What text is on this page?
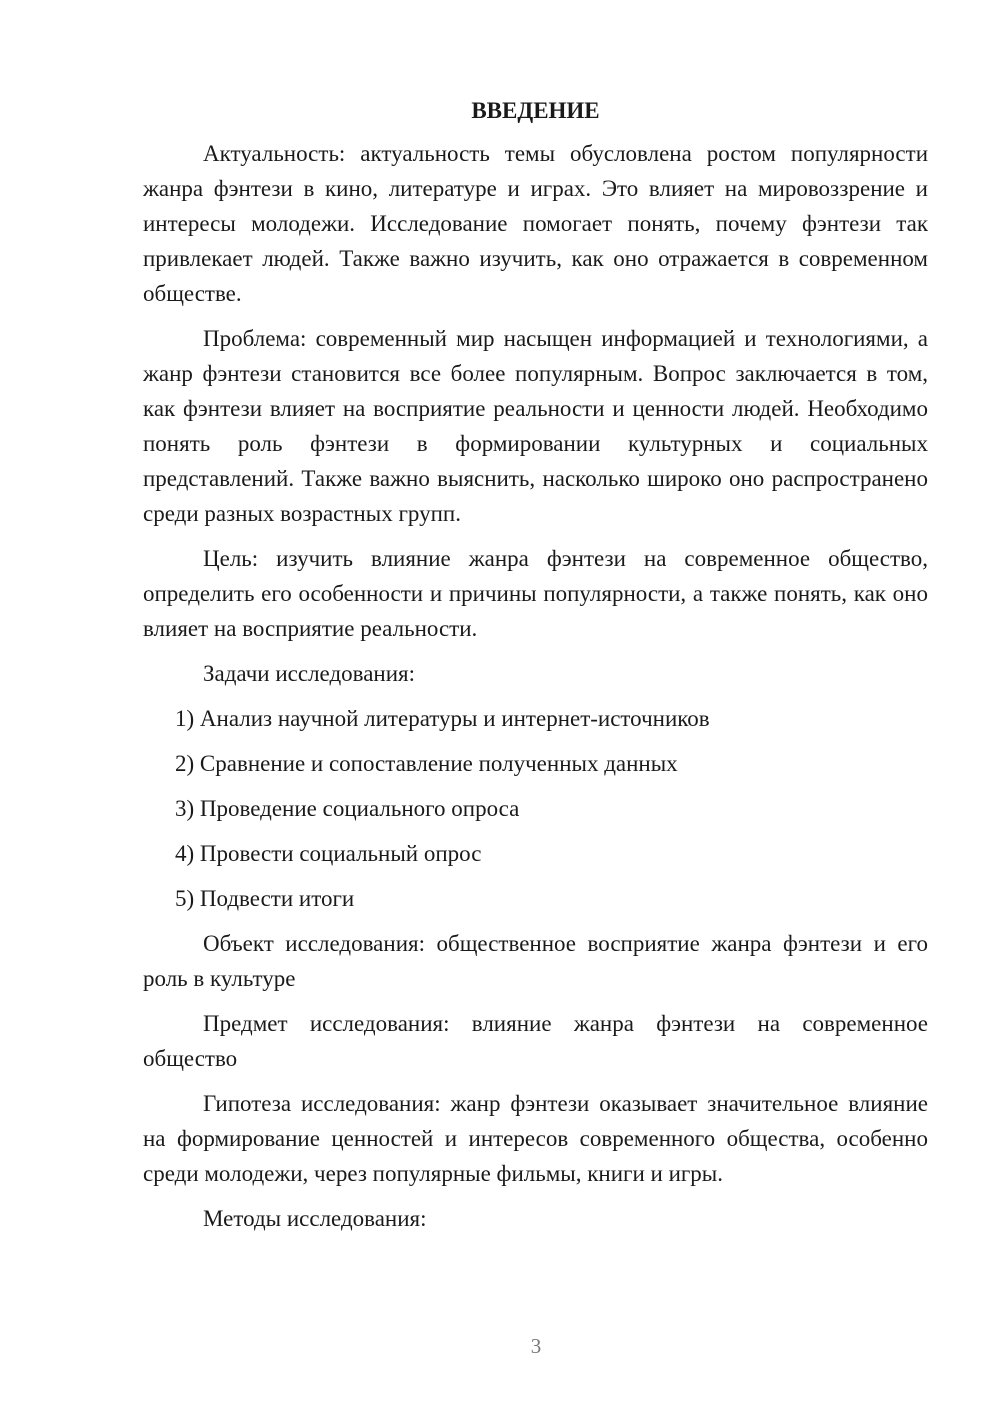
ВВЕДЕНИЕ

Актуальность: актуальность темы обусловлена ростом популярности жанра фэнтези в кино, литературе и играх. Это влияет на мировоззрение и интересы молодежи. Исследование помогает понять, почему фэнтези так привлекает людей. Также важно изучить, как оно отражается в современном обществе.

Проблема: современный мир насыщен информацией и технологиями, а жанр фэнтези становится все более популярным. Вопрос заключается в том, как фэнтези влияет на восприятие реальности и ценности людей. Необходимо понять роль фэнтези в формировании культурных и социальных представлений. Также важно выяснить, насколько широко оно распространено среди разных возрастных групп.

Цель: изучить влияние жанра фэнтези на современное общество, определить его особенности и причины популярности, а также понять, как оно влияет на восприятие реальности.

Задачи исследования:

1) Анализ научной литературы и интернет-источников
2) Сравнение и сопоставление полученных данных
3) Проведение социального опроса
4) Провести социальный опрос
5) Подвести итоги

Объект исследования: общественное восприятие жанра фэнтези и его роль в культуре

Предмет исследования: влияние жанра фэнтези на современное общество

Гипотеза исследования: жанр фэнтези оказывает значительное влияние на формирование ценностей и интересов современного общества, особенно среди молодежи, через популярные фильмы, книги и игры.

Методы исследования:

3
